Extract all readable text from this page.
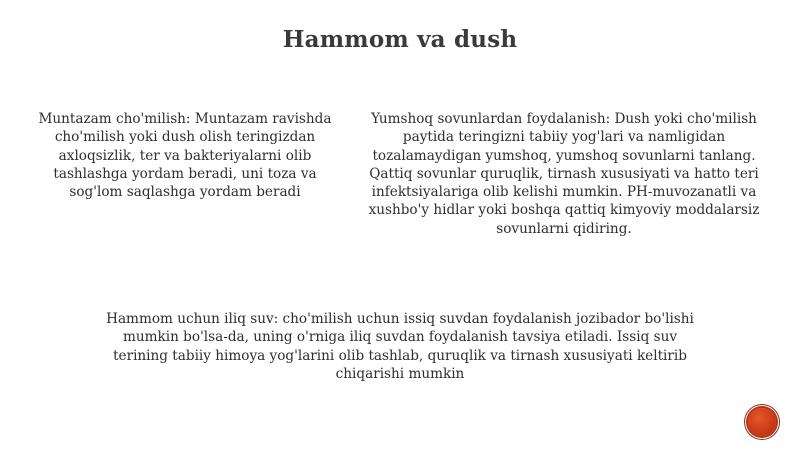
Hammom va dush
Muntazam cho'milish: Muntazam ravishda cho'milish yoki dush olish teringizdan axloqsizlik, ter va bakteriyalarni olib tashlashga yordam beradi, uni toza va sog'lom saqlashga yordam beradi
Yumshoq sovunlardan foydalanish: Dush yoki cho'milish paytida teringizni tabiiy yog'lari va namligidan tozalamaydigan yumshoq, yumshoq sovunlarni tanlang. Qattiq sovunlar quruqlik, tirnash xususiyati va hatto teri infektsiyalariga olib kelishi mumkin. PH-muvozanatli va xushbo'y hidlar yoki boshqa qattiq kimyoviy moddalarsiz sovunlarni qidiring.
Hammom uchun iliq suv: cho'milish uchun issiq suvdan foydalanish jozibador bo'lishi mumkin bo'lsa-da, uning o'rniga iliq suvdan foydalanish tavsiya etiladi. Issiq suv terining tabiiy himoya yog'larini olib tashlab, quruqlik va tirnash xususiyati keltirib chiqarishi mumkin
